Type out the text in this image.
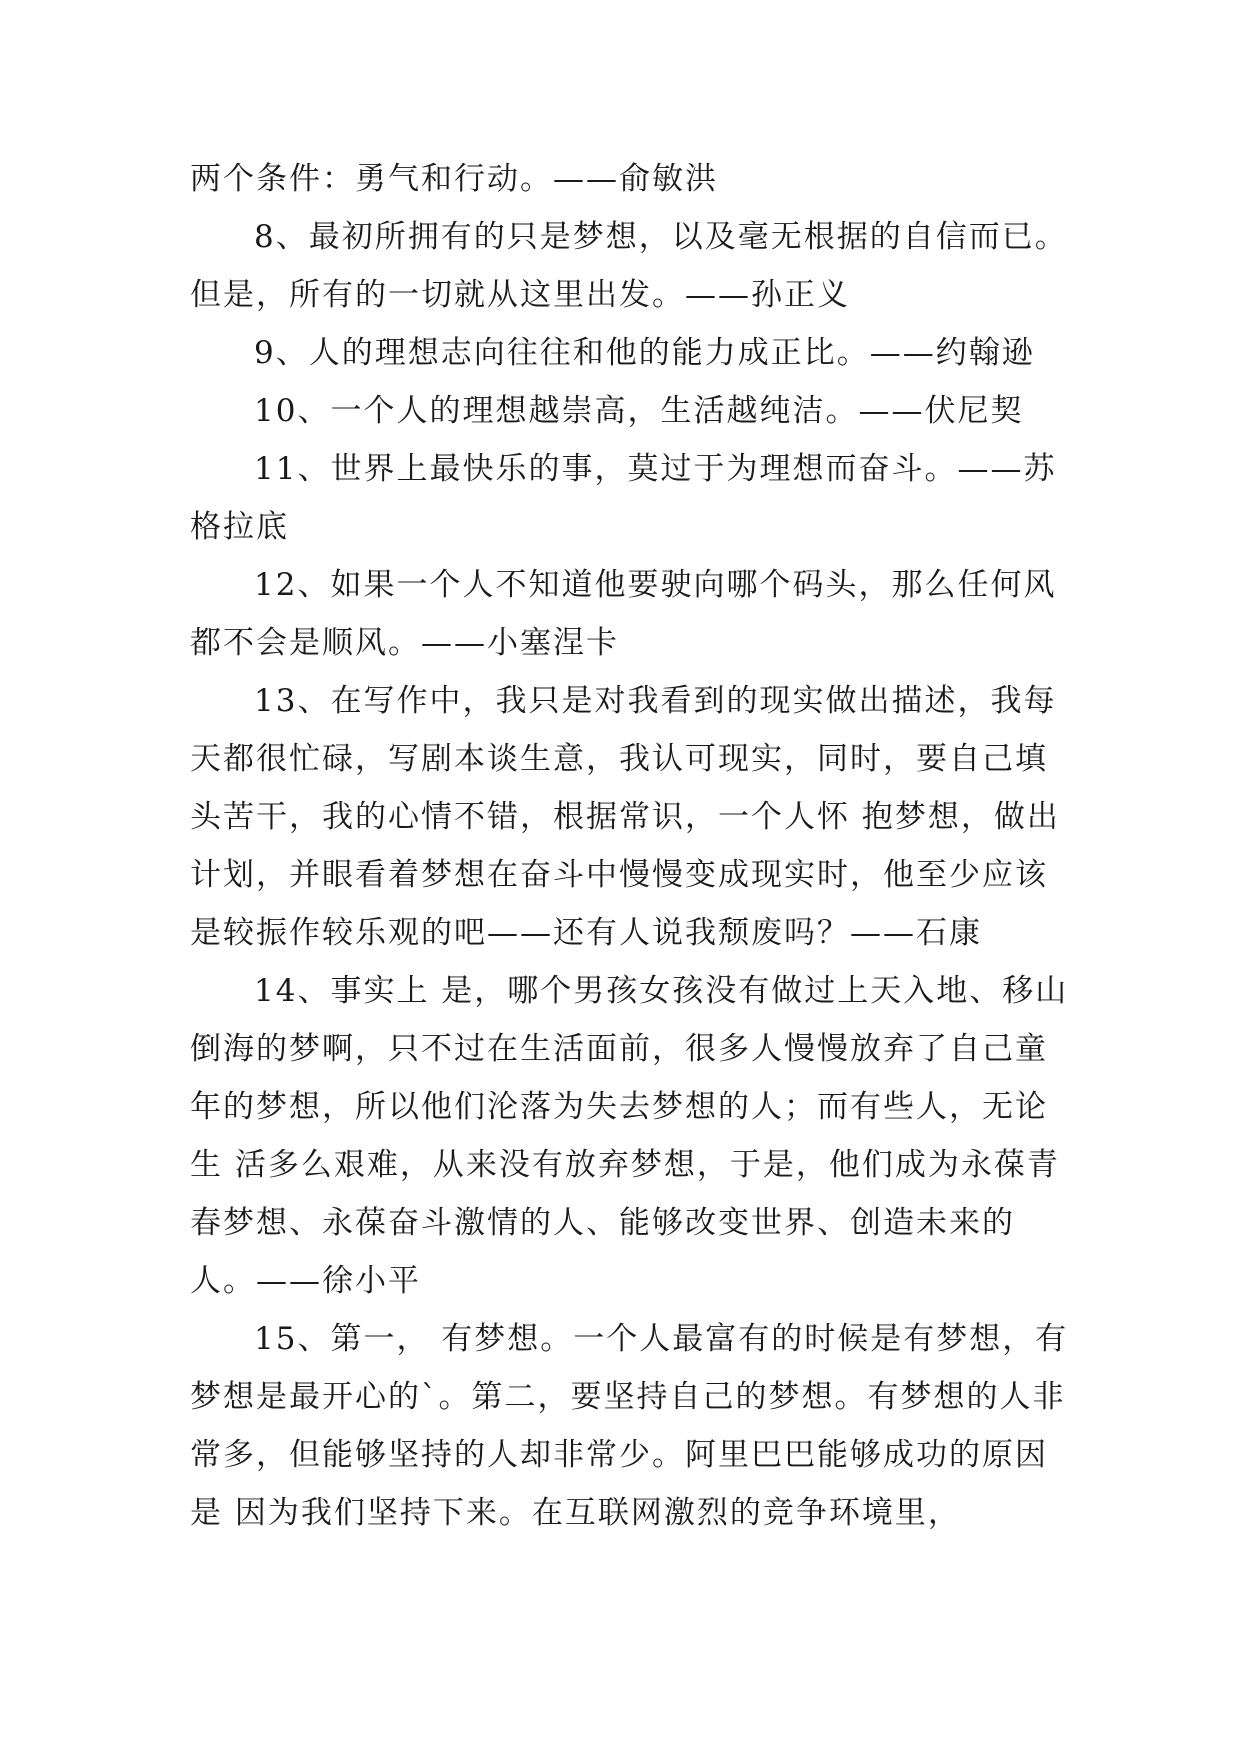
两个条件：勇气和行动。——俞敏洪

8、最初所拥有的只是梦想，以及毫无根据的自信而已。但是，所有的一切就从这里出发。——孙正义

9、人的理想志向往往和他的能力成正比。——约翰逊

10、一个人的理想越崇高，生活越纯洁。——伏尼契

11、世界上最快乐的事，莫过于为理想而奋斗。——苏格拉底

12、如果一个人不知道他要驶向哪个码头，那么任何风都不会是顺风。——小塞涅卡

13、在写作中，我只是对我看到的现实做出描述，我每天都很忙碌，写剧本谈生意，我认可现实，同时，要自己填头苦干，我的心情不错，根据常识，一个人怀 抱梦想，做出计划，并眼看着梦想在奋斗中慢慢变成现实时，他至少应该是较振作较乐观的吧——还有人说我颓废吗？——石康

14、事实上 是，哪个男孩女孩没有做过上天入地、移山倒海的梦啊，只不过在生活面前，很多人慢慢放弃了自己童年的梦想，所以他们沦落为失去梦想的人；而有些人，无论生 活多么艰难，从来没有放弃梦想，于是，他们成为永葆青春梦想、永葆奋斗激情的人、能够改变世界、创造未来的人。——徐小平

15、第一， 有梦想。一个人最富有的时候是有梦想，有梦想是最开心的`。第二，要坚持自己的梦想。有梦想的人非常多，但能够坚持的人却非常少。阿里巴巴能够成功的原因是 因为我们坚持下来。在互联网激烈的竞争环境里，
